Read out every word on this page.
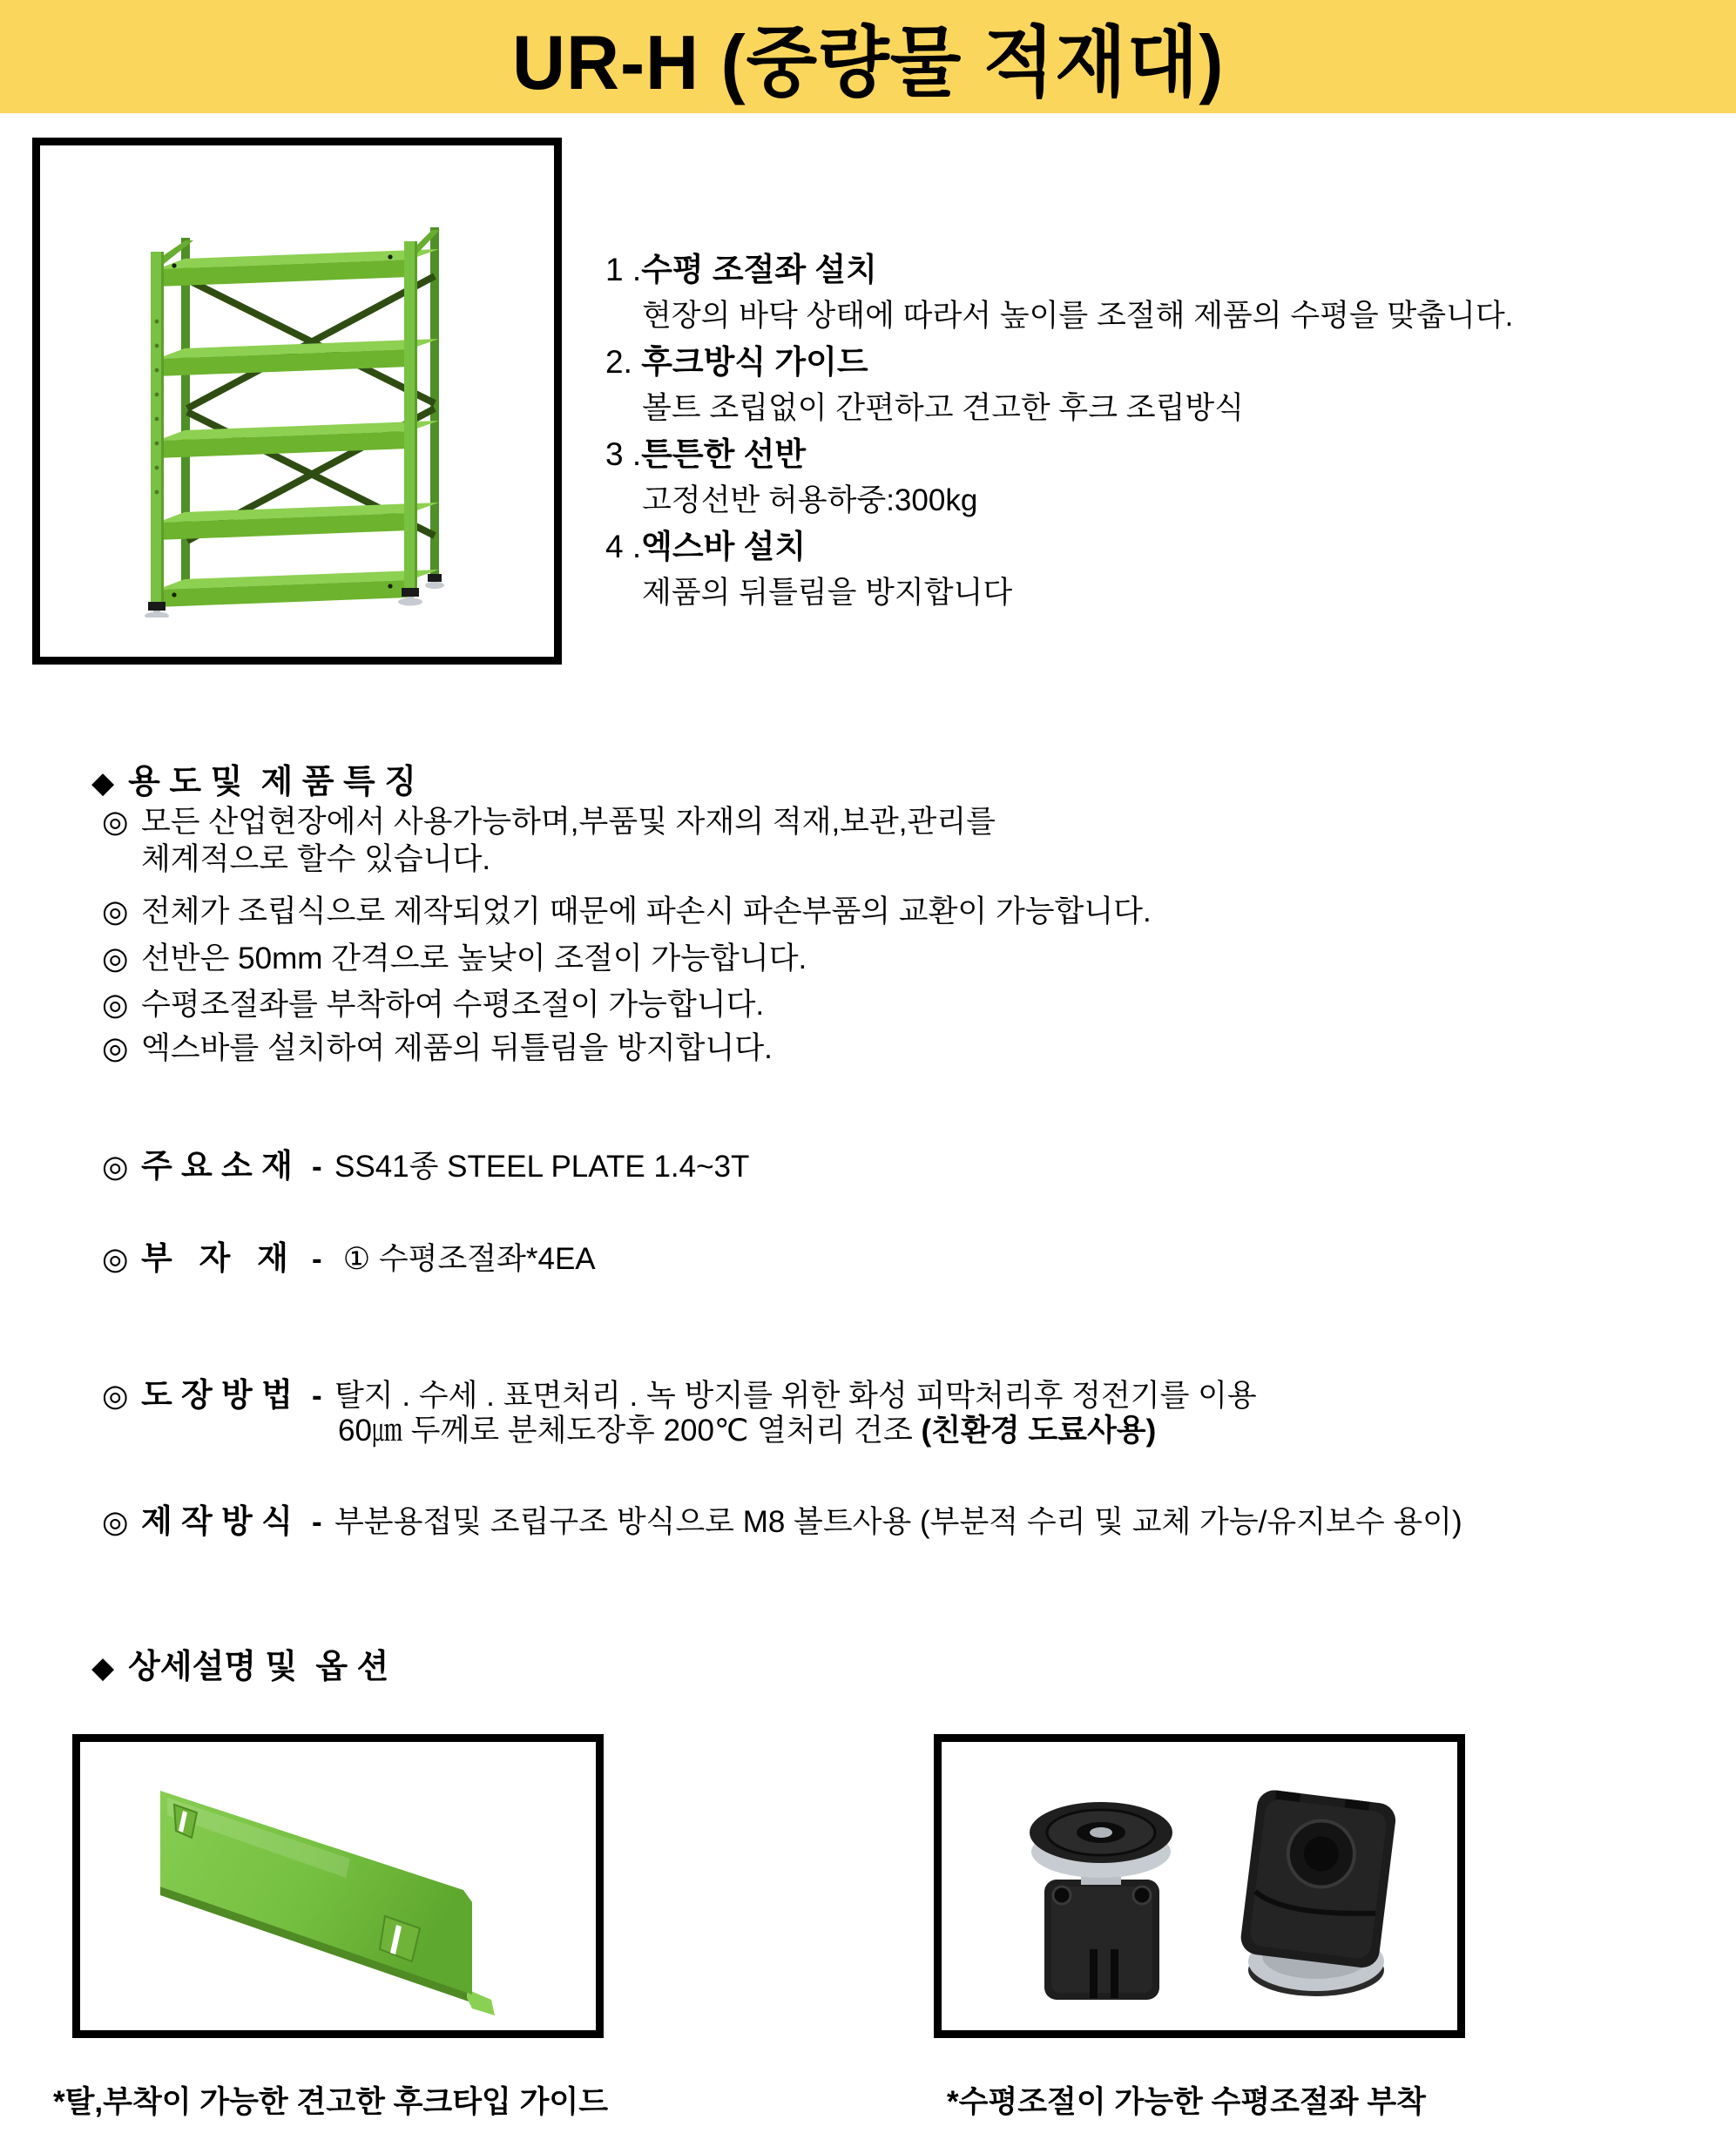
UR-H (중량물 적재대)
1 .수평 조절좌 설치
현장의 바닥 상태에 따라서 높이를 조절해 제품의 수평을 맞춥니다.
2. 후크방식 가이드
볼트 조립없이 간편하고 견고한 후크 조립방식
3 .튼튼한 선반
고정선반 허용하중:300kg
4 .엑스바 설치
제품의 뒤틀림을 방지합니다
◆ 용 도 및  제 품 특 징
◎ 모든 산업현장에서 사용가능하며,부품및 자재의 적재,보관,관리를
체계적으로 할수 있습니다.
◎ 전체가 조립식으로 제작되었기 때문에 파손시 파손부품의 교환이 가능합니다.
◎ 선반은 50mm 간격으로 높낮이 조절이 가능합니다.
◎ 수평조절좌를 부착하여 수평조절이 가능합니다.
◎ 엑스바를 설치하여 제품의 뒤틀림을 방지합니다.
◎ 주 요 소 재 - SS41종 STEEL PLATE 1.4~3T
◎ 부   자   재 - ① 수평조절좌*4EA
◎ 도 장 방 법 - 탈지 . 수세 . 표면처리 . 녹 방지를 위한 화성 피막처리후 정전기를 이용
60㎛ 두께로 분체도장후 200℃ 열처리 건조 (친환경 도료사용)
◎ 제 작 방 식 - 부분용접및 조립구조 방식으로 M8 볼트사용 (부분적 수리 및 교체 가능/유지보수 용이)
◆ 상세설명 및  옵 션
*탈,부착이 가능한 견고한 후크타입 가이드	*수평조절이 가능한 수평조절좌 부착
